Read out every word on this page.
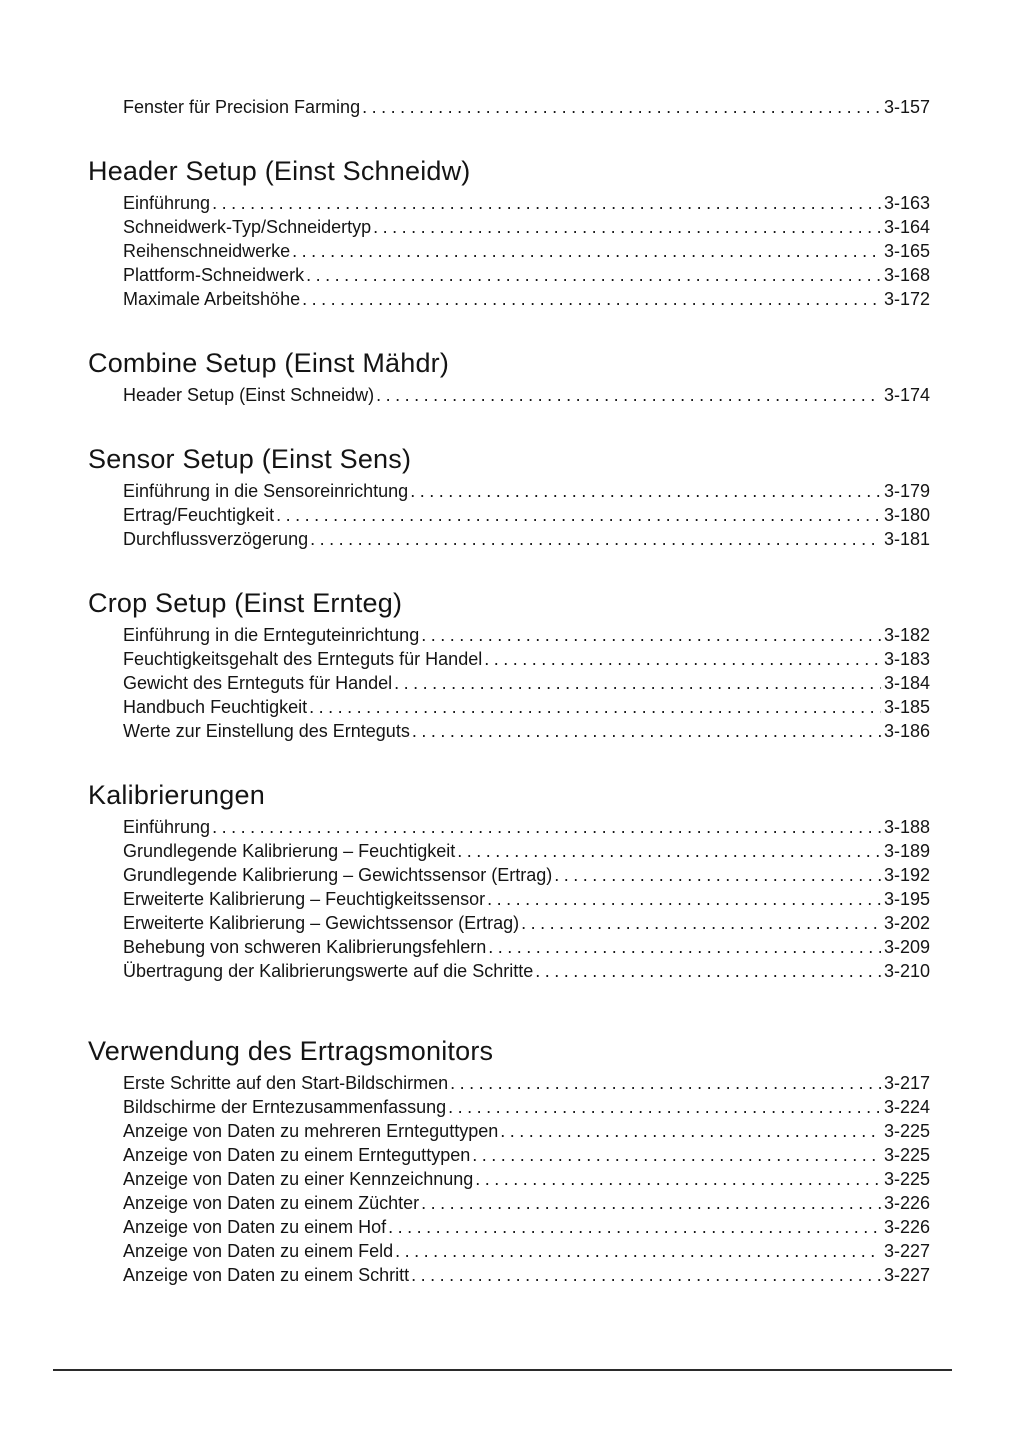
Fenster für Precision Farming .....	3-157
Header Setup (Einst Schneidw)
Einführung .....	3-163
Schneidwerk-Typ/Schneidertyp .....	3-164
Reihenschneidwerke .....	3-165
Plattform-Schneidwerk .....	3-168
Maximale Arbeitshöhe .....	3-172
Combine Setup (Einst Mähdr)
Header Setup (Einst Schneidw) .....	3-174
Sensor Setup (Einst Sens)
Einführung in die Sensoreinrichtung .....	3-179
Ertrag/Feuchtigkeit .....	3-180
Durchflussverzögerung .....	3-181
Crop Setup (Einst Ernteg)
Einführung in die Ernteguteinrichtung .....	3-182
Feuchtigkeitsgehalt des Ernteguts für Handel .....	3-183
Gewicht des Ernteguts für Handel .....	3-184
Handbuch Feuchtigkeit .....	3-185
Werte zur Einstellung des Ernteguts .....	3-186
Kalibrierungen
Einführung .....	3-188
Grundlegende Kalibrierung – Feuchtigkeit .....	3-189
Grundlegende Kalibrierung – Gewichtssensor (Ertrag) .....	3-192
Erweiterte Kalibrierung – Feuchtigkeitssensor .....	3-195
Erweiterte Kalibrierung – Gewichtssensor (Ertrag) .....	3-202
Behebung von schweren Kalibrierungsfehlern .....	3-209
Übertragung der Kalibrierungswerte auf die Schritte .....	3-210
Verwendung des Ertragsmonitors
Erste Schritte auf den Start-Bildschirmen .....	3-217
Bildschirme der Erntezusammenfassung .....	3-224
Anzeige von Daten zu mehreren Ernteguttypen .....	3-225
Anzeige von Daten zu einem Ernteguttypen .....	3-225
Anzeige von Daten zu einer Kennzeichnung .....	3-225
Anzeige von Daten zu einem Züchter .....	3-226
Anzeige von Daten zu einem Hof .....	3-226
Anzeige von Daten zu einem Feld .....	3-227
Anzeige von Daten zu einem Schritt .....	3-227
